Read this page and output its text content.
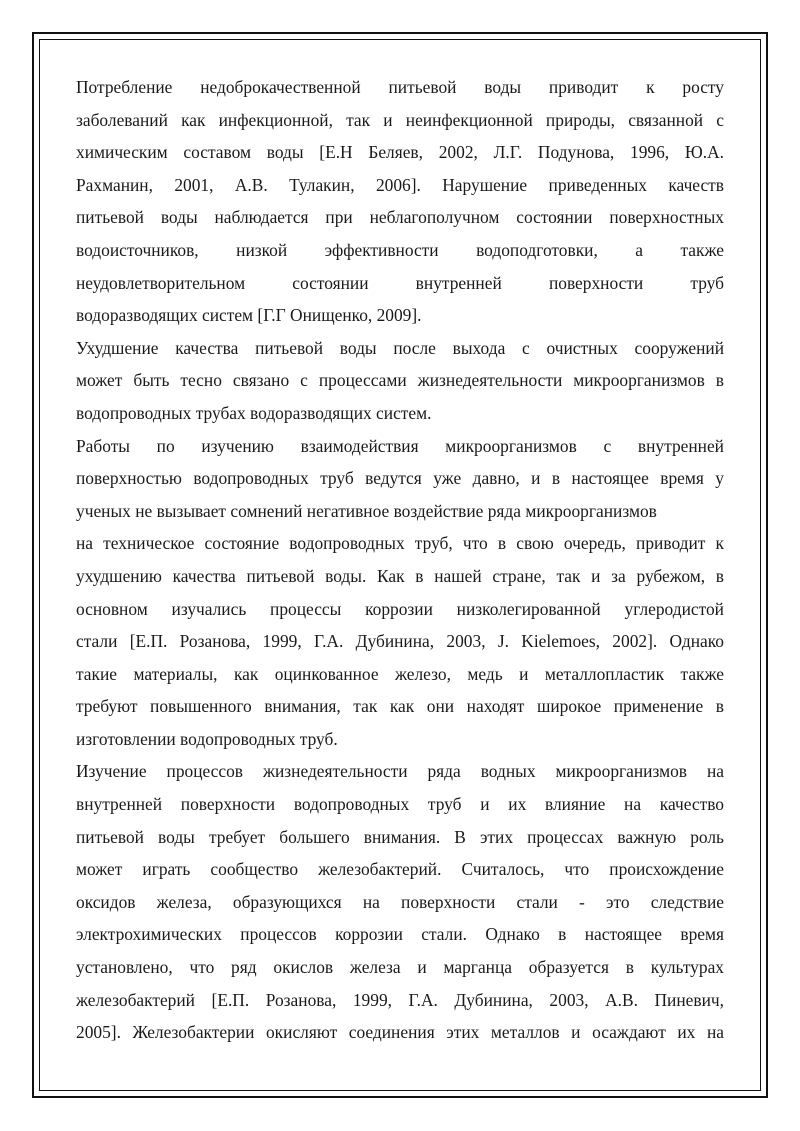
Потребление недоброкачественной питьевой воды приводит к росту
заболеваний как инфекционной, так и неинфекционной природы, связанной с
химическим составом воды [Е.Н Беляев, 2002, Л.Г. Подунова, 1996, Ю.А.
Рахманин, 2001, А.В. Тулакин, 2006]. Нарушение приведенных качеств
питьевой воды наблюдается при неблагополучном состоянии поверхностных
водоисточников, низкой эффективности водоподготовки, а также
неудовлетворительном состоянии внутренней поверхности труб
водоразводящих систем [Г.Г Онищенко, 2009].
Ухудшение качества питьевой воды после выхода с очистных сооружений
может быть тесно связано с процессами жизнедеятельности микроорганизмов в
водопроводных трубах водоразводящих систем.
Работы по изучению взаимодействия микроорганизмов с внутренней
поверхностью водопроводных труб ведутся уже давно, и в настоящее время у
ученых не вызывает сомнений негативное воздействие ряда микроорганизмов
на техническое состояние водопроводных труб, что в свою очередь, приводит к
ухудшению качества питьевой воды. Как в нашей стране, так и за рубежом, в
основном изучались процессы коррозии низколегированной углеродистой
стали [Е.П. Розанова, 1999, Г.А. Дубинина, 2003, J. Kielemoes, 2002]. Однако
такие материалы, как оцинкованное железо, медь и металлопластик также
требуют повышенного внимания, так как они находят широкое применение в
изготовлении водопроводных труб.
Изучение процессов жизнедеятельности ряда водных микроорганизмов на
внутренней поверхности водопроводных труб и их влияние на качество
питьевой воды требует большего внимания. В этих процессах важную роль
может играть сообщество железобактерий. Считалось, что происхождение
оксидов железа, образующихся на поверхности стали - это следствие
электрохимических процессов коррозии стали. Однако в настоящее время
установлено, что ряд окислов железа и марганца образуется в культурах
железобактерий [Е.П. Розанова, 1999, Г.А. Дубинина, 2003, А.В. Пиневич,
2005]. Железобактерии окисляют соединения этих металлов и осаждают их на
